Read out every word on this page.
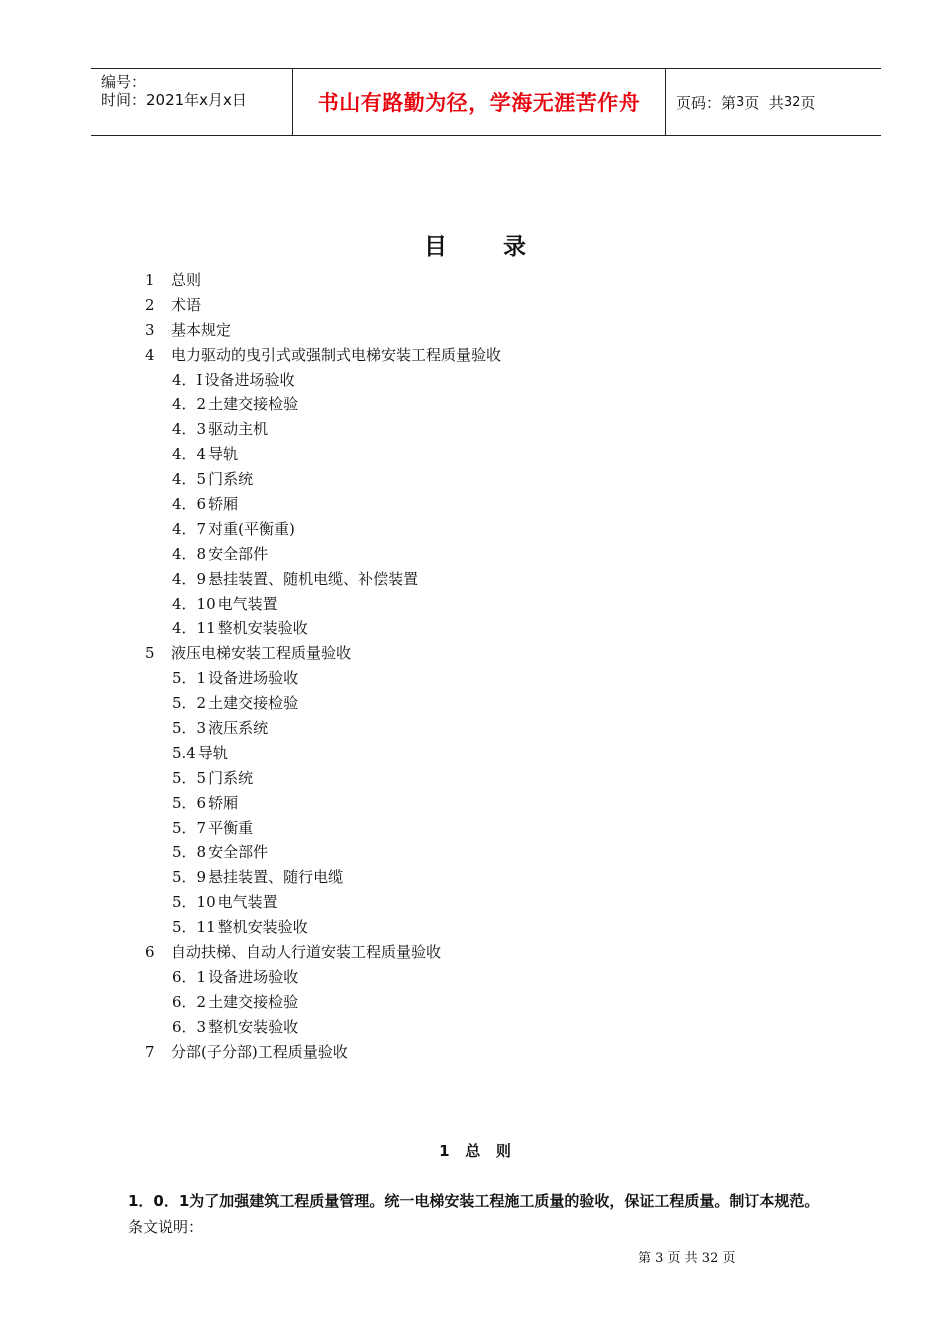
编号：
时间：2021年x月x日	书山有路勤为径，学海无涯苦作舟	页码：第 3 页  共 32 页
目 录
1	总则
2	术语
3	基本规定
4	电力驱动的曳引式或强制式电梯安装工程质量验收
4．I 设备进场验收
4．2 土建交接检验
4．3 驱动主机
4．4 导轨
4．5 门系统
4．6 轿厢
4．7 对重(平衡重)
4．8 安全部件
4．9 悬挂装置、随机电缆、补偿装置
4．10 电气装置
4．11 整机安装验收
5	液压电梯安装工程质量验收
5．1 设备进场验收
5．2 土建交接检验
5．3 液压系统
5.4 导轨
5．5 门系统
5．6 轿厢
5．7 平衡重
5．8 安全部件
5．9 悬挂装置、随行电缆
5．10 电气装置
5．11 整机安装验收
6	自动扶梯、自动人行道安装工程质量验收
6．1 设备进场验收
6．2 土建交接检验
6．3 整机安装验收
7	分部(子分部)工程质量验收
1   总   则
1．0．1为了加强建筑工程质量管理。统一电梯安装工程施工质量的验收，保证工程质量。制订本规范。
条文说明：
第 3 页 共 32 页
